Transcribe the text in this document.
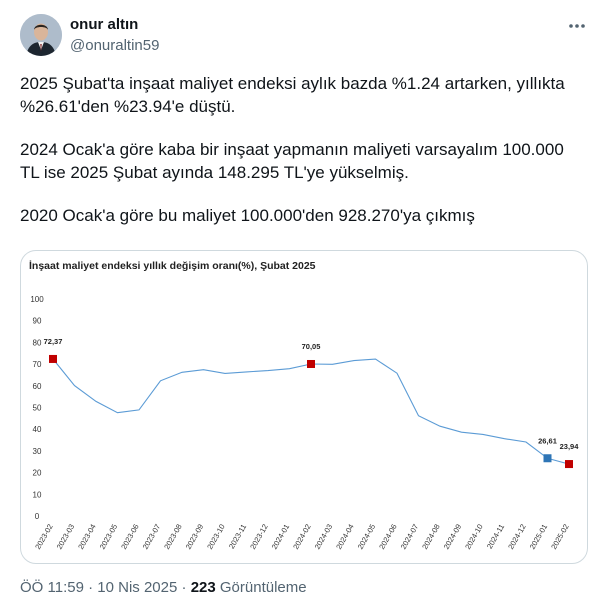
onur altın
@onuraltin59

2025 Şubat'ta inşaat maliyet endeksi aylık bazda %1.24 artarken, yıllıkta

%26.61'den %23.94'e düştü.

2024 Ocak'a göre kaba bir inşaat yapmanın maliyeti varsayalım 100.000

TL ise 2025 Şubat ayında 148.295 TL'ye yükselmiş.

2020 Ocak'a göre bu maliyet 100.000'den 928.270'ya çıkmış

İnşaat maliyet endeksi yıllık değişim oranı(%), Şubat 2025
0
10
20
30
40
50
60
70
80
90
100
2023-02 2023-03 2023-04 2023-05 2023-06 2023-07 2023-08 2023-09 2023-10 2023-11 2023-12 2024-01 2024-02 2024-03 2024-04 2024-05 2024-06 2024-07 2024-08 2024-09 2024-10 2024-11 2024-12 2025-01 2025-02
72,37
70,05
26,61
23,94
ÖÖ 11:59 · 10 Nis 2025 · 223 Görüntüleme
